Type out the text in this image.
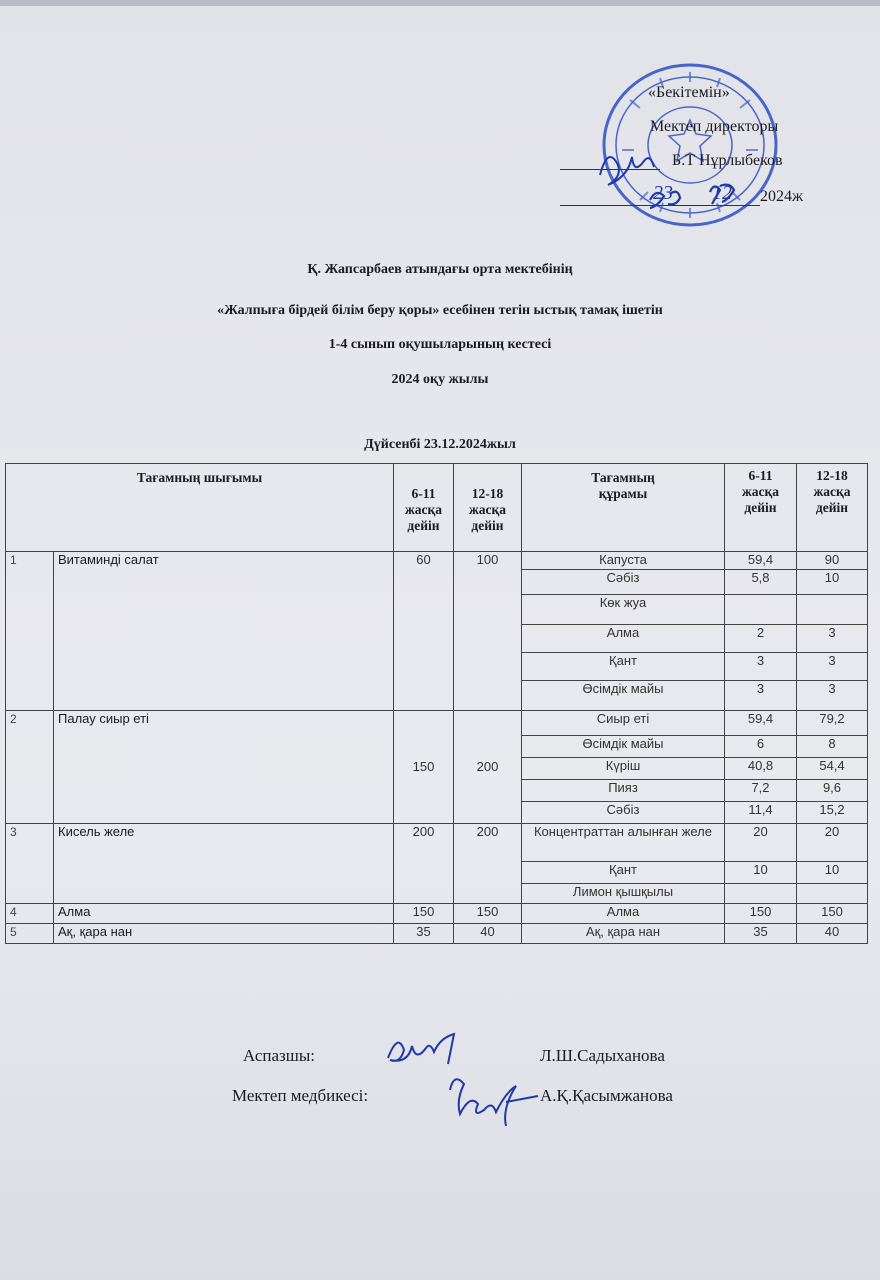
«Бекітемін»
Мектеп директоры
Б.Т Нұрлыбеков
2024ж
23 12
Қ. Жапсарбаев атындағы орта мектебінің
«Жалпыға бірдей білім беру қоры» есебінен тегін ыстық тамақ ішетін
1-4 сынып оқушыларының кестесі
2024 оқу жылы
Дүйсенбі 23.12.2024жыл
Тағамның шығымы		6-11 жасқа дейін	12-18 жасқа дейін	Тағамның құрамы	6-11 жасқа дейін	12-18 жасқа дейін
1	Витаминді салат	60	100	Капуста	59,4	90
				Сәбіз	5,8	10
				Көк жуа		
				Алма	2	3
				Қант	3	3
				Өсімдік майы	3	3
2	Палау сиыр еті	150	200	Сиыр еті	59,4	79,2
				Өсімдік майы	6	8
				Күріш	40,8	54,4
				Пияз	7,2	9,6
				Сәбіз	11,4	15,2
3	Кисель желе	200	200	Концентраттан алынған желе	20	20
				Қант	10	10
				Лимон қышқылы		
4	Алма	150	150	Алма	150	150
5	Ақ, қара нан	35	40	Ақ, қара нан	35	40
Аспазшы:	Л.Ш.Садыханова
Мектеп медбикесі:	А.Қ.Қасымжанова
